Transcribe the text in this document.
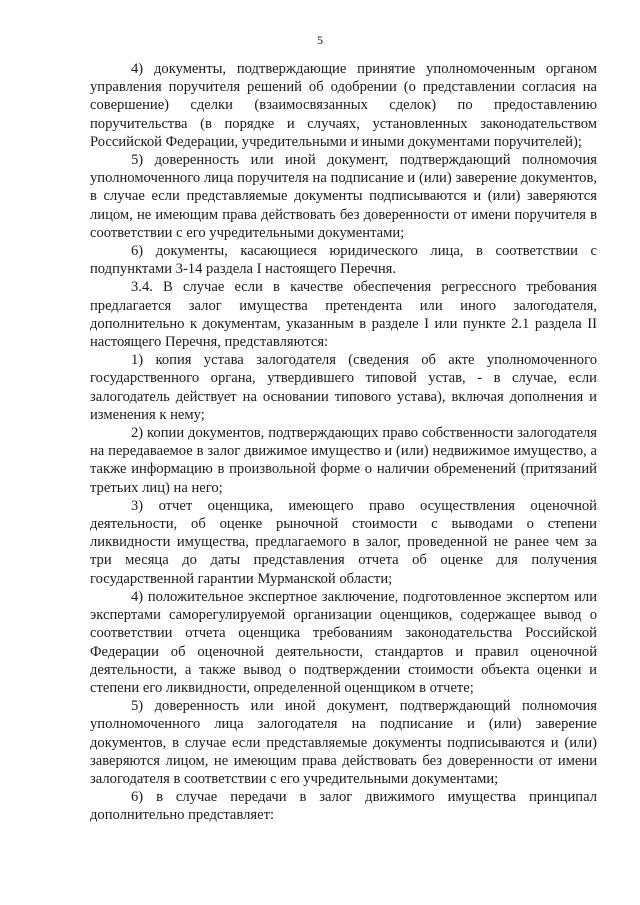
5

4) документы, подтверждающие принятие уполномоченным органом управления поручителя решений об одобрении (о представлении согласия на совершение) сделки (взаимосвязанных сделок) по предоставлению поручительства (в порядке и случаях, установленных законодательством Российской Федерации, учредительными и иными документами поручителей);

5) доверенность или иной документ, подтверждающий полномочия уполномоченного лица поручителя на подписание и (или) заверение документов, в случае если представляемые документы подписываются и (или) заверяются лицом, не имеющим права действовать без доверенности от имени поручителя в соответствии с его учредительными документами;

6) документы, касающиеся юридического лица, в соответствии с подпунктами 3-14 раздела I настоящего Перечня.

3.4. В случае если в качестве обеспечения регрессного требования предлагается залог имущества претендента или иного залогодателя, дополнительно к документам, указанным в разделе I или пункте 2.1 раздела II настоящего Перечня, представляются:

1) копия устава залогодателя (сведения об акте уполномоченного государственного органа, утвердившего типовой устав, - в случае, если залогодатель действует на основании типового устава), включая дополнения и изменения к нему;

2) копии документов, подтверждающих право собственности залогодателя на передаваемое в залог движимое имущество и (или) недвижимое имущество, а также информацию в произвольной форме о наличии обременений (притязаний третьих лиц) на него;

3) отчет оценщика, имеющего право осуществления оценочной деятельности, об оценке рыночной стоимости с выводами о степени ликвидности имущества, предлагаемого в залог, проведенной не ранее чем за три месяца до даты представления отчета об оценке для получения государственной гарантии Мурманской области;

4) положительное экспертное заключение, подготовленное экспертом или экспертами саморегулируемой организации оценщиков, содержащее вывод о соответствии отчета оценщика требованиям законодательства Российской Федерации об оценочной деятельности, стандартов и правил оценочной деятельности, а также вывод о подтверждении стоимости объекта оценки и степени его ликвидности, определенной оценщиком в отчете;

5) доверенность или иной документ, подтверждающий полномочия уполномоченного лица залогодателя на подписание и (или) заверение документов, в случае если представляемые документы подписываются и (или) заверяются лицом, не имеющим права действовать без доверенности от имени залогодателя в соответствии с его учредительными документами;

6) в случае передачи в залог движимого имущества принципал дополнительно представляет:
